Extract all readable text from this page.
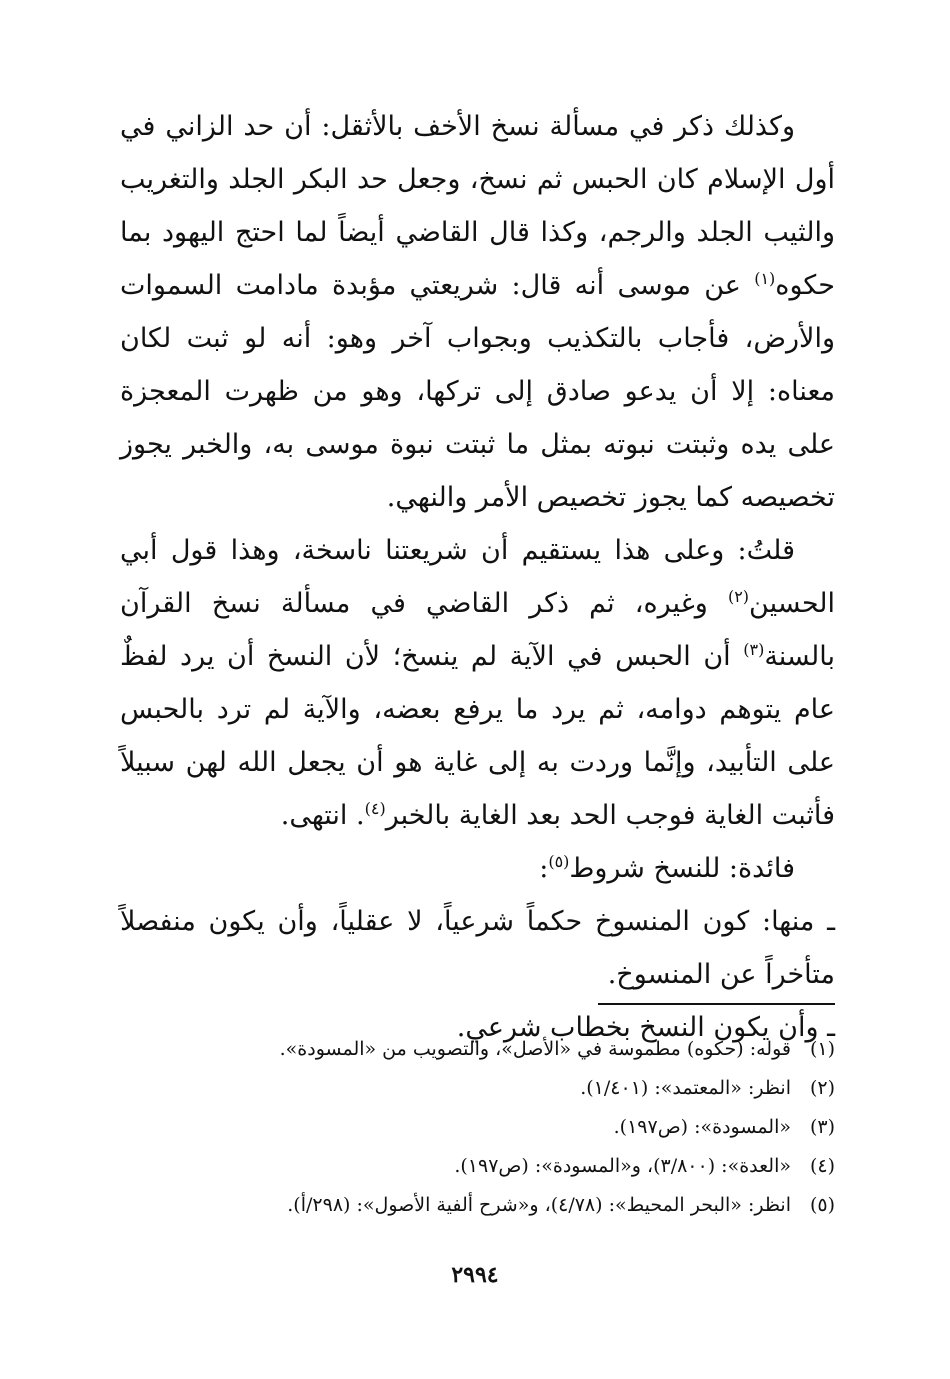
وكذلك ذكر في مسألة نسخ الأخف بالأثقل: أن حد الزاني في أول الإسلام كان الحبس ثم نسخ، وجعل حد البكر الجلد والتغريب والثيب الجلد والرجم، وكذا قال القاضي أيضاً لما احتج اليهود بما حكوه$^{(١)}$ عن موسى أنه قال: شريعتي مؤبدة مادامت السموات والأرض، فأجاب بالتكذيب وبجواب آخر وهو: أنه لو ثبت لكان معناه: إلا أن يدعو صادق إلى تركها، وهو من ظهرت المعجزة على يده وثبتت نبوته بمثل ما ثبتت نبوة موسى به، والخبر يجوز تخصيصه كما يجوز تخصيص الأمر والنهي.

قلتُ: وعلى هذا يستقيم أن شريعتنا ناسخة، وهذا قول أبي الحسين$^{(٢)}$ وغيره، ثم ذكر القاضي في مسألة نسخ القرآن بالسنة$^{(٣)}$ أن الحبس في الآية لم ينسخ؛ لأن النسخ أن يرد لفظٌ عام يتوهم دوامه، ثم يرد ما يرفع بعضه، والآية لم ترد بالحبس على التأبيد، وإنَّما وردت به إلى غاية هو أن يجعل الله لهن سبيلاً فأثبت الغاية فوجب الحد بعد الغاية بالخبر$^{(٤)}$. انتهى.

فائدة: للنسخ شروط$^{(٥)}$:

ـ منها: كون المنسوخ حكماً شرعياً، لا عقلياً، وأن يكون منفصلاً متأخراً عن المنسوخ.

ـ وأن يكون النسخ بخطاب شرعي.

(١)قوله: (حكوه) مطموسة في «الأصل»، والتصويب من «المسودة».

(٢)انظر: «المعتمد»: (١/٤٠١).

(٣)«المسودة»: (ص١٩٧).

(٤)«العدة»: (٣/٨٠٠)، و«المسودة»: (ص١٩٧).

(٥)انظر: «البحر المحيط»: (٤/٧٨)، و«شرح ألفية الأصول»: (٢٩٨/أ).

٢٩٩٤
